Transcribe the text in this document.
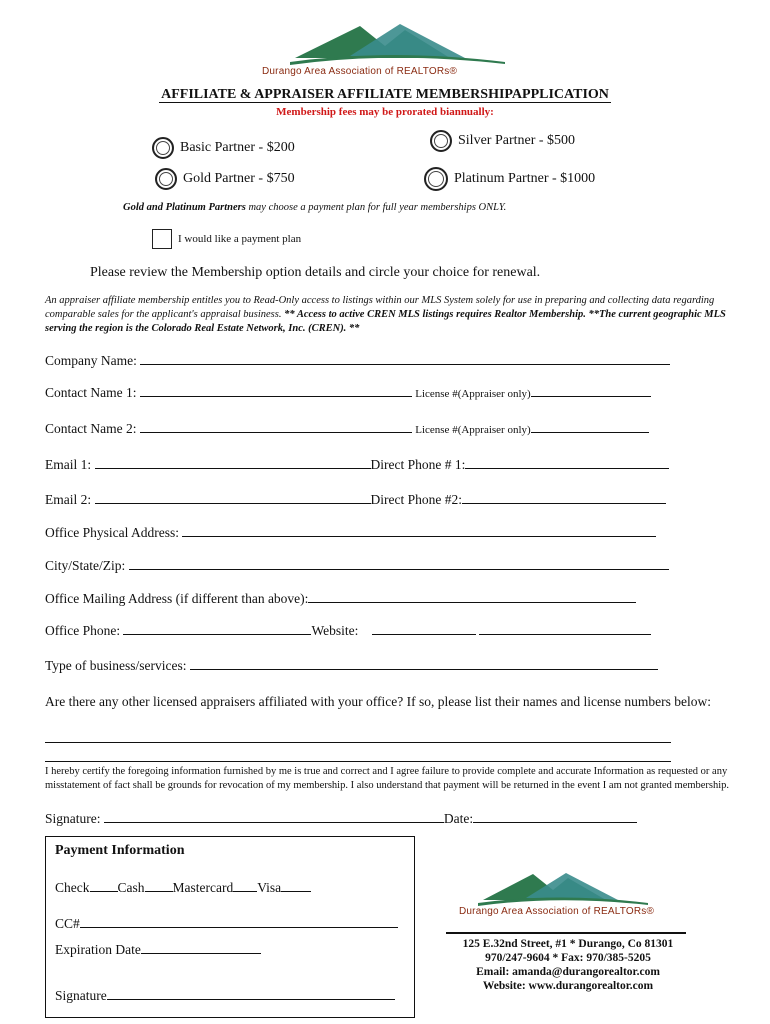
Durango Area Association of REALTORs®
AFFILIATE & APPRAISER AFFILIATE MEMBERSHIPAPPLICATION
Membership fees may be prorated biannually:
Basic Partner - $200	Silver Partner - $500
Gold Partner - $750	Platinum Partner - $1000
Gold and Platinum Partners may choose a payment plan for full year memberships ONLY.
I would like a payment plan
Please review the Membership option details and circle your choice for renewal.
An appraiser affiliate membership entitles you to Read-Only access to listings within our MLS System solely for use in preparing and collecting data regarding comparable sales for the applicant's appraisal business. ** Access to active CREN MLS listings requires Realtor Membership. **The current geographic MLS serving the region is the Colorado Real Estate Network, Inc. (CREN). **
Company Name:
Contact Name 1:	License #(Appraiser only)
Contact Name 2:	License #(Appraiser only)
Email 1:	Direct Phone # 1:
Email 2:	Direct Phone #2:
Office Physical Address:
City/State/Zip:
Office Mailing Address (if different than above):
Office Phone:	Website:
Type of business/services:
Are there any other licensed appraisers affiliated with your office? If so, please list their names and license numbers below:
I hereby certify the foregoing information furnished by me is true and correct and I agree failure to provide complete and accurate Information as requested or any misstatement of fact shall be grounds for revocation of my membership. I also understand that payment will be returned in the event I am not granted membership.
Signature:	Date:
Payment Information
Check Cash Mastercard Visa
CC#
Expiration Date
Signature
Durango Area Association of REALTORs®
125 E.32nd Street, #1 * Durango, Co 81301
970/247-9604 * Fax: 970/385-5205
Email: amanda@durangorealtor.com
Website: www.durangorealtor.com
